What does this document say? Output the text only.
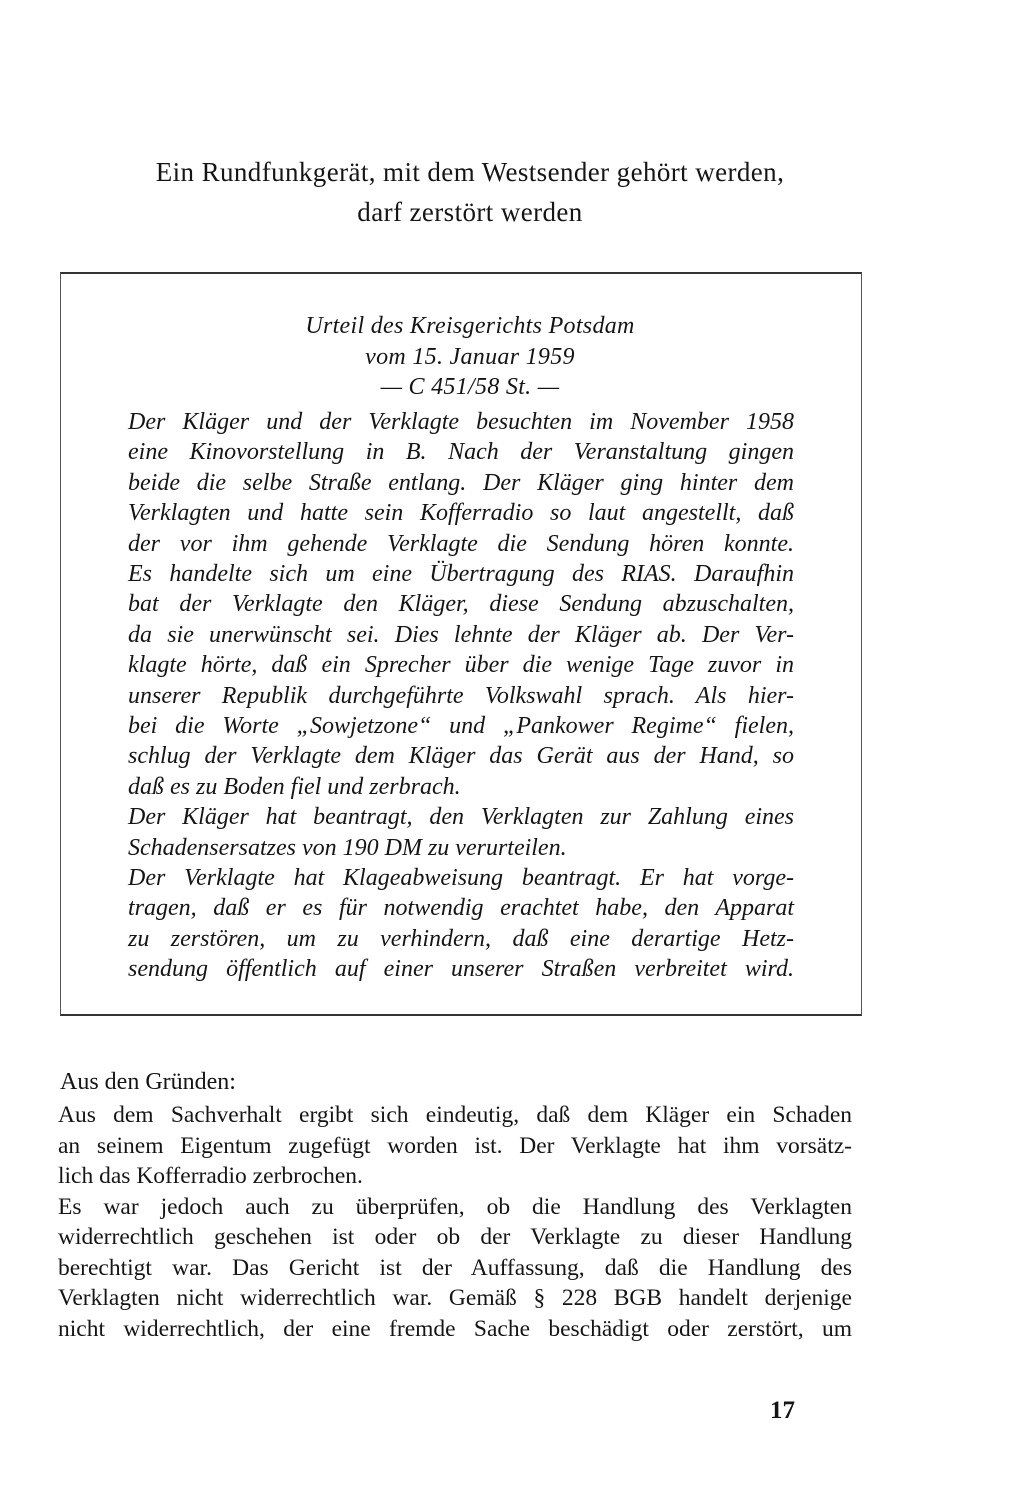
Ein Rundfunkgerät, mit dem Westsender gehört werden,
darf zerstört werden
Urteil des Kreisgerichts Potsdam
vom 15. Januar 1959
— C 451/58 St. —
Der Kläger und der Verklagte besuchten im November 1958
eine Kinovorstellung in B. Nach der Veranstaltung gingen
beide die selbe Straße entlang. Der Kläger ging hinter dem
Verklagten und hatte sein Kofferradio so laut angestellt, daß
der vor ihm gehende Verklagte die Sendung hören konnte.
Es handelte sich um eine Übertragung des RIAS. Daraufhin
bat der Verklagte den Kläger, diese Sendung abzuschalten,
da sie unerwünscht sei. Dies lehnte der Kläger ab. Der Ver-
klagte hörte, daß ein Sprecher über die wenige Tage zuvor in
unserer Republik durchgeführte Volkswahl sprach. Als hier-
bei die Worte „Sowjetzone“ und „Pankower Regime“ fielen,
schlug der Verklagte dem Kläger das Gerät aus der Hand, so
daß es zu Boden fiel und zerbrach.
Der Kläger hat beantragt, den Verklagten zur Zahlung eines
Schadensersatzes von 190 DM zu verurteilen.
Der Verklagte hat Klageabweisung beantragt. Er hat vorge-
tragen, daß er es für notwendig erachtet habe, den Apparat
zu zerstören, um zu verhindern, daß eine derartige Hetz-
sendung öffentlich auf einer unserer Straßen verbreitet wird.
Aus den Gründen:
Aus dem Sachverhalt ergibt sich eindeutig, daß dem Kläger ein Schaden
an seinem Eigentum zugefügt worden ist. Der Verklagte hat ihm vorsätz-
lich das Kofferradio zerbrochen.
Es war jedoch auch zu überprüfen, ob die Handlung des Verklagten
widerrechtlich geschehen ist oder ob der Verklagte zu dieser Handlung
berechtigt war. Das Gericht ist der Auffassung, daß die Handlung des
Verklagten nicht widerrechtlich war. Gemäß § 228 BGB handelt derjenige
nicht widerrechtlich, der eine fremde Sache beschädigt oder zerstört, um
17
